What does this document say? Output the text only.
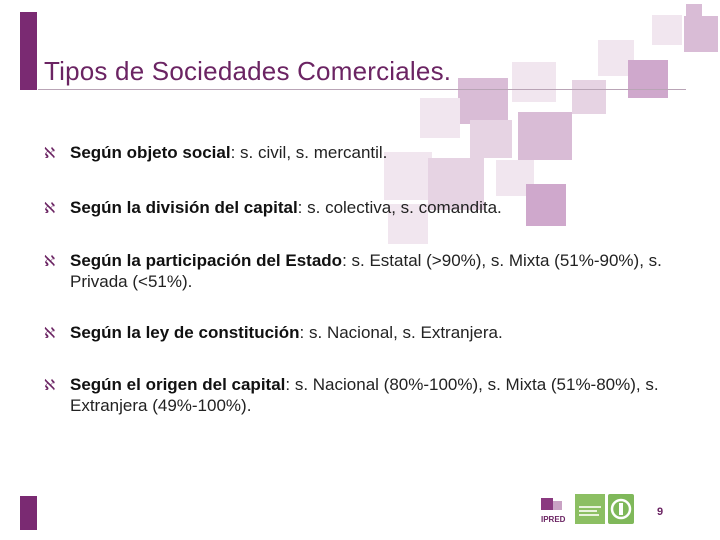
Tipos de Sociedades Comerciales.
ℵ Según objeto social: s. civil, s. mercantil.
ℵ Según la división del capital: s. colectiva, s. comandita.
ℵ Según la participación del Estado: s. Estatal (>90%), s. Mixta (51%-90%), s. Privada (<51%).
ℵ Según la ley de constitución: s. Nacional, s. Extranjera.
ℵ Según el origen del capital: s. Nacional (80%-100%), s. Mixta (51%-80%), s. Extranjera (49%-100%).
IPRED
9
